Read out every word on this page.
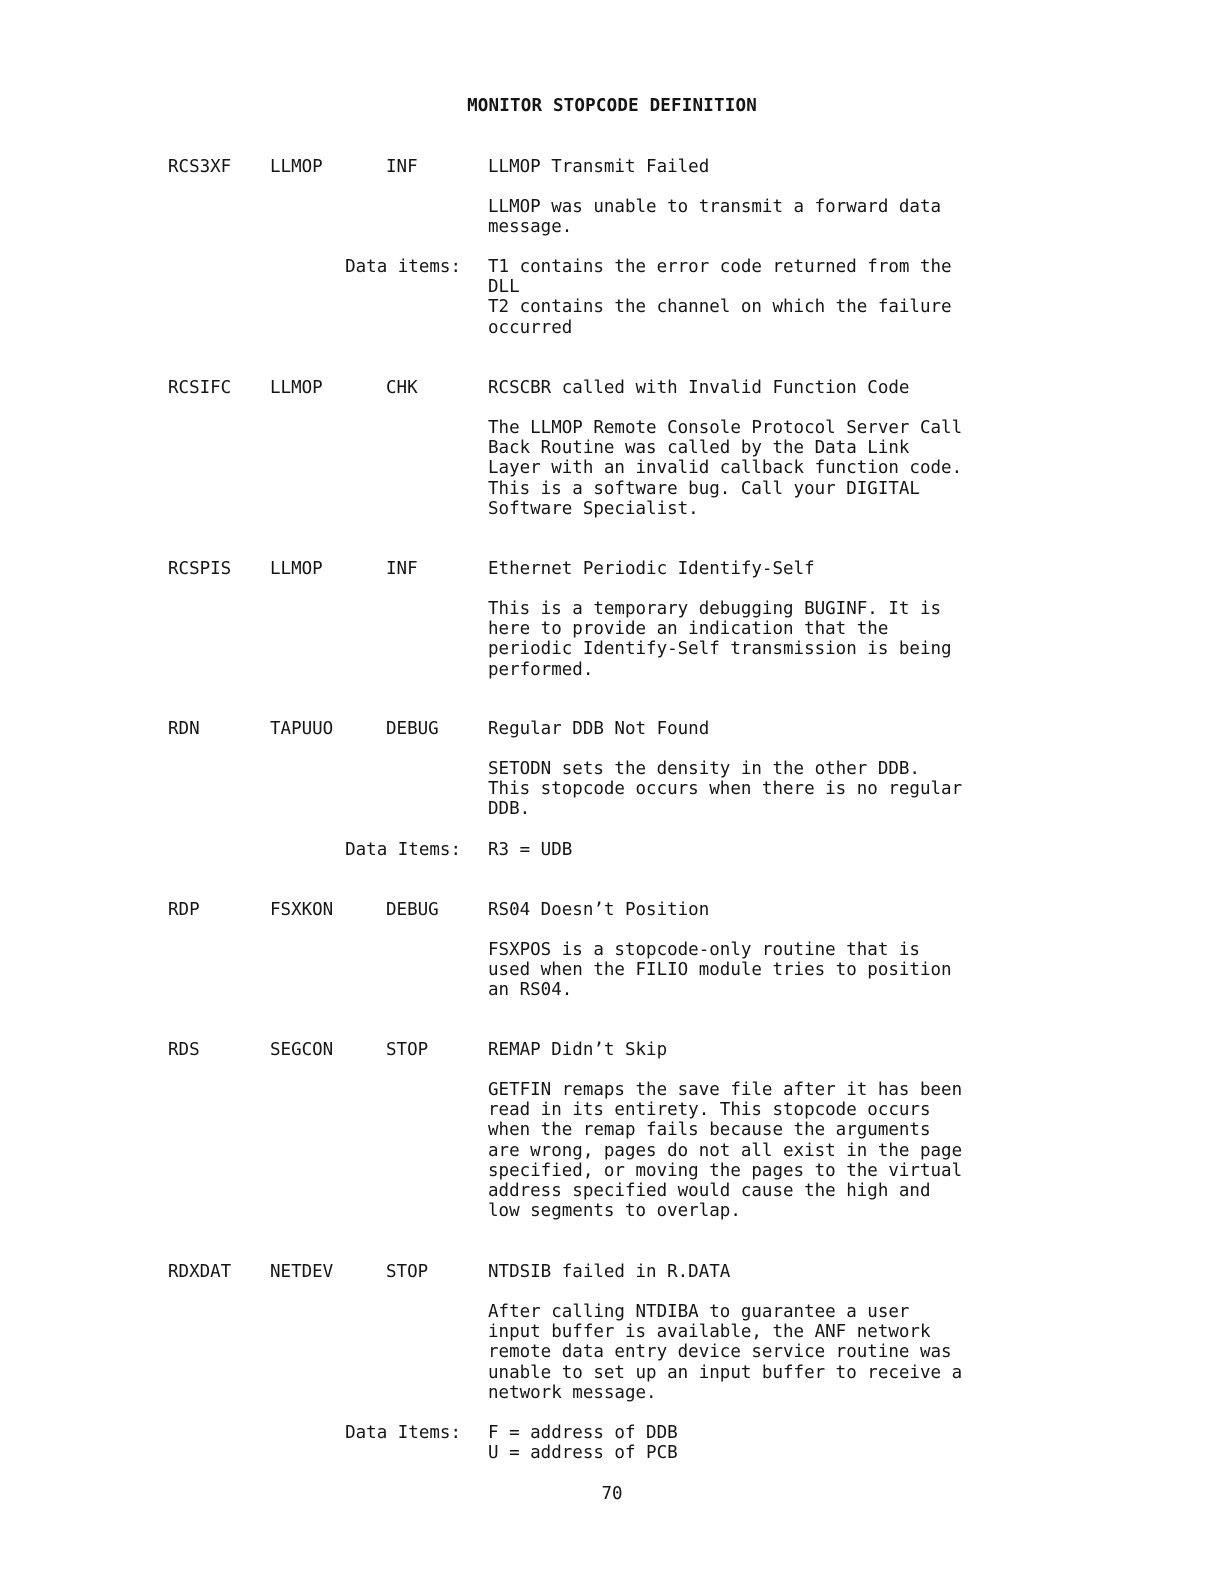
MONITOR STOPCODE DEFINITION
RCS3XF LLMOP	INF	LLMOP Transmit Failed
LLMOP was unable to transmit a forward data
message.
Data items: T1 contains the error code returned from the
DLL
T2 contains the channel on which the failure
occurred
RCSIFC LLMOP	CHK	RCSCBR called with Invalid Function Code
The LLMOP Remote Console Protocol Server Call
Back Routine was called by the Data Link
Layer with an invalid callback function code.
This is a software bug. Call your DIGITAL
Software Specialist.
RCSPIS LLMOP	INF	Ethernet Periodic Identify-Self
This is a temporary debugging BUGINF. It is
here to provide an indication that the
periodic Identify-Self transmission is being
performed.
RDN	TAPUUO	DEBUG	Regular DDB Not Found
SETODN sets the density in the other DDB.
This stopcode occurs when there is no regular
DDB.
Data Items: R3 = UDB
RDP	FSXKON	DEBUG	RS04 Doesn’t Position
FSXPOS is a stopcode-only routine that is
used when the FILIO module tries to position
an RS04.
RDS	SEGCON	STOP	REMAP Didn’t Skip
GETFIN remaps the save file after it has been
read in its entirety. This stopcode occurs
when the remap fails because the arguments
are wrong, pages do not all exist in the page
specified, or moving the pages to the virtual
address specified would cause the high and
low segments to overlap.
RDXDAT NETDEV	STOP	NTDSIB failed in R.DATA
After calling NTDIBA to guarantee a user
input buffer is available, the ANF network
remote data entry device service routine was
unable to set up an input buffer to receive a
network message.
Data Items: F = address of DDB
U = address of PCB
70
